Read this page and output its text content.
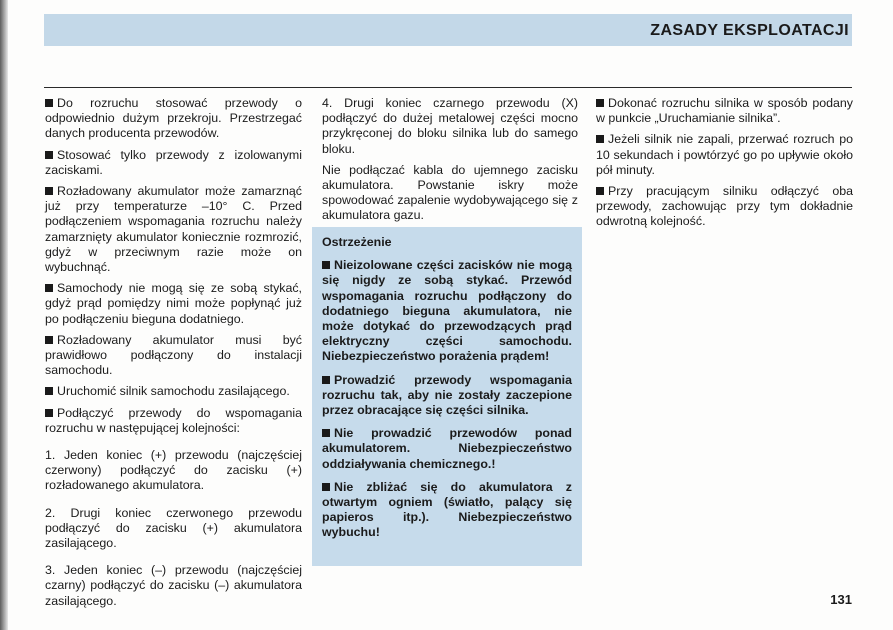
ZASADY EKSPLOATACJI

Do rozruchu stosować przewody o odpowiednio dużym przekroju. Przestrzegać danych producenta przewodów.

Stosować tylko przewody z izolowanymi zaciskami.

Rozładowany akumulator może zamarznąć już przy temperaturze –10° C. Przed podłączeniem wspomagania rozruchu należy zamarznięty akumulator koniecznie rozmrozić, gdyż w przeciwnym razie może on wybuchnąć.

Samochody nie mogą się ze sobą stykać, gdyż prąd pomiędzy nimi może popłynąć już po podłączeniu bieguna dodatniego.

Rozładowany akumulator musi być prawidłowo podłączony do instalacji samochodu.

Uruchomić silnik samochodu zasilającego.

Podłączyć przewody do wspomagania rozruchu w następującej kolejności:

1. Jeden koniec (+) przewodu (najczęściej czerwony) podłączyć do zacisku (+) rozładowanego akumulatora.

2. Drugi koniec czerwonego przewodu podłączyć do zacisku (+) akumulatora zasilającego.

3. Jeden koniec (–) przewodu (najczęściej czarny) podłączyć do zacisku (–) akumulatora zasilającego.

4. Drugi koniec czarnego przewodu (X) podłączyć do dużej metalowej części mocno przykręconej do bloku silnika lub do samego bloku.

Nie podłączać kabla do ujemnego zacisku akumulatora. Powstanie iskry może spowodować zapalenie wydobywającego się z akumulatora gazu.

Ostrzeżenie

Nieizolowane części zacisków nie mogą się nigdy ze sobą stykać. Przewód wspomagania rozruchu podłączony do dodatniego bieguna akumulatora, nie może dotykać do przewodzących prąd elektryczny części samochodu. Niebezpieczeństwo porażenia prądem!

Prowadzić przewody wspomagania rozruchu tak, aby nie zostały zaczepione przez obracające się części silnika.

Nie prowadzić przewodów ponad akumulatorem. Niebezpieczeństwo oddziaływania chemicznego.!

Nie zbliżać się do akumulatora z otwartym ogniem (światło, palący się papieros itp.). Niebezpieczeństwo wybuchu!

Dokonać rozruchu silnika w sposób podany w punkcie „Uruchamianie silnika”.

Jeżeli silnik nie zapali, przerwać rozruch po 10 sekundach i powtórzyć go po upływie około pół minuty.

Przy pracującym silniku odłączyć oba przewody, zachowując przy tym dokładnie odwrotną kolejność.

131
